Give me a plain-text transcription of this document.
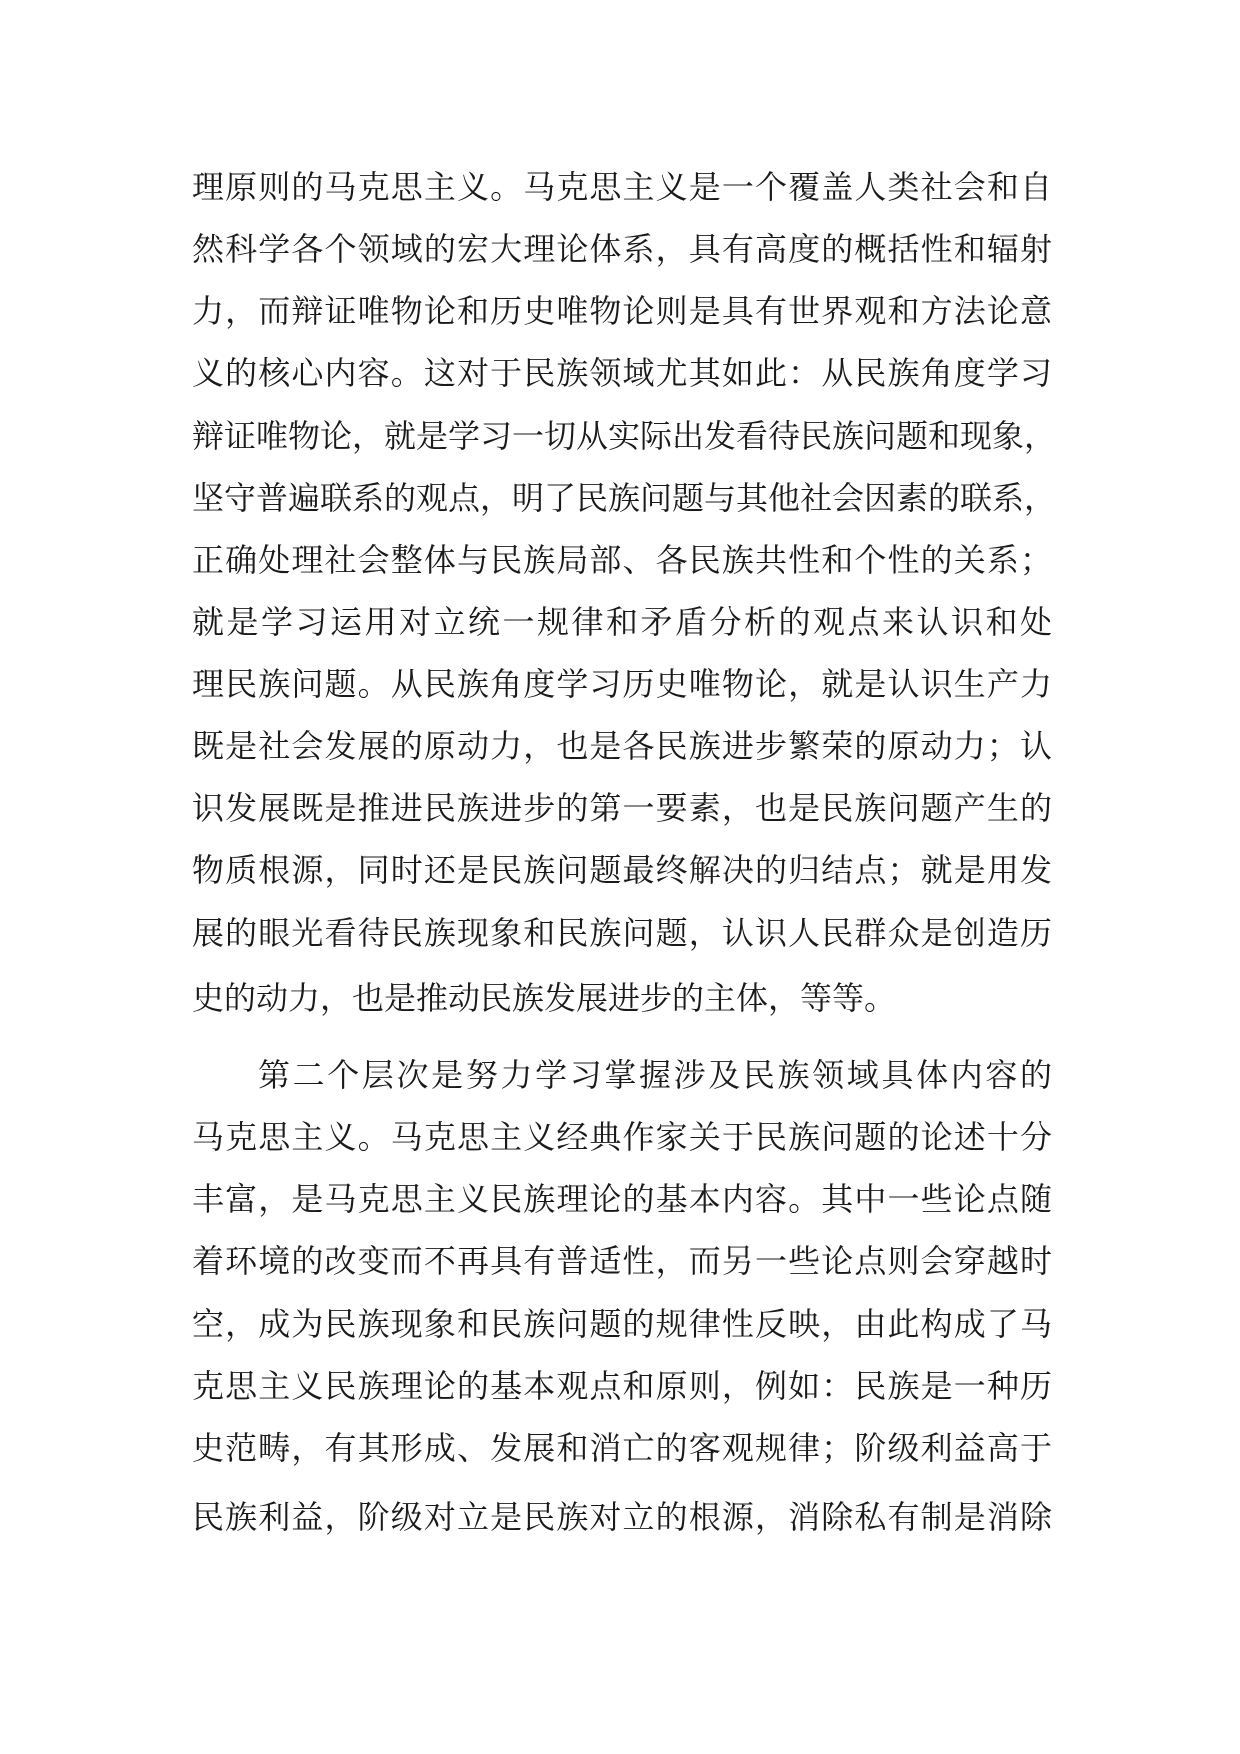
理原则的马克思主义。马克思主义是一个覆盖人类社会和自
然科学各个领域的宏大理论体系，具有高度的概括性和辐射
力，而辩证唯物论和历史唯物论则是具有世界观和方法论意
义的核心内容。这对于民族领域尤其如此：从民族角度学习
辩证唯物论，就是学习一切从实际出发看待民族问题和现象，
坚守普遍联系的观点，明了民族问题与其他社会因素的联系，
正确处理社会整体与民族局部、各民族共性和个性的关系；
就是学习运用对立统一规律和矛盾分析的观点来认识和处
理民族问题。从民族角度学习历史唯物论，就是认识生产力
既是社会发展的原动力，也是各民族进步繁荣的原动力；认
识发展既是推进民族进步的第一要素，也是民族问题产生的
物质根源，同时还是民族问题最终解决的归结点；就是用发
展的眼光看待民族现象和民族问题，认识人民群众是创造历
史的动力，也是推动民族发展进步的主体，等等。
第二个层次是努力学习掌握涉及民族领域具体内容的
马克思主义。马克思主义经典作家关于民族问题的论述十分
丰富，是马克思主义民族理论的基本内容。其中一些论点随
着环境的改变而不再具有普适性，而另一些论点则会穿越时
空，成为民族现象和民族问题的规律性反映，由此构成了马
克思主义民族理论的基本观点和原则，例如：民族是一种历
史范畴，有其形成、发展和消亡的客观规律；阶级利益高于
民族利益，阶级对立是民族对立的根源，消除私有制是消除
